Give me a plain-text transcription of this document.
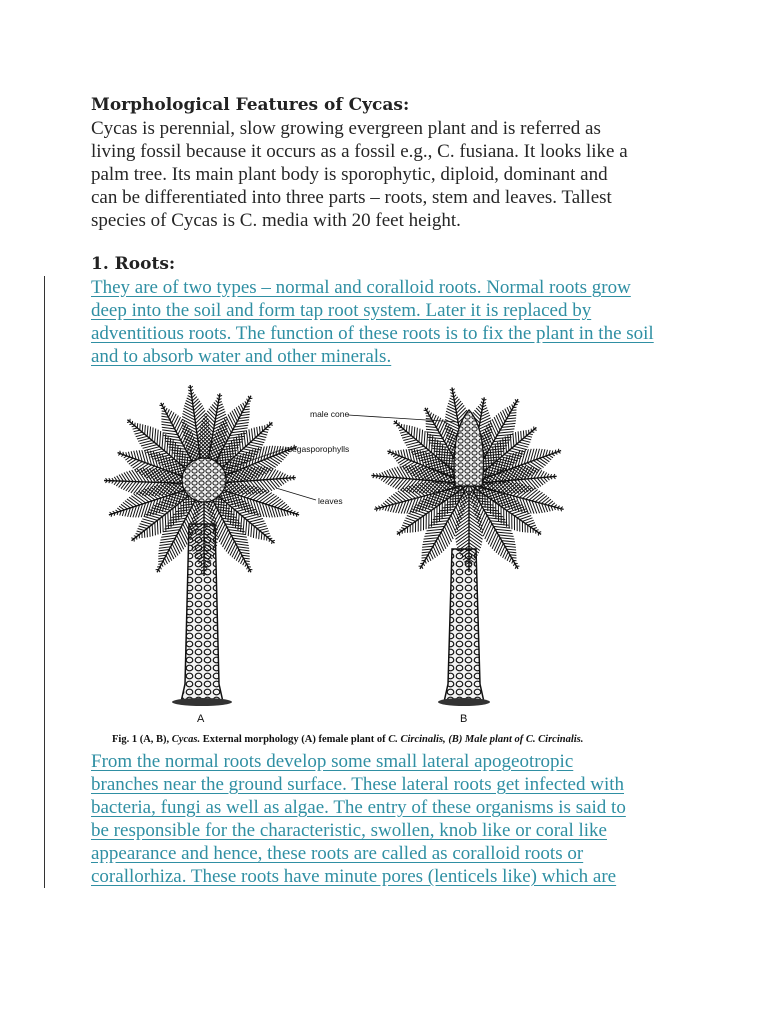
Morphological Features of Cycas:
Cycas is perennial, slow growing evergreen plant and is referred as
living fossil because it occurs as a fossil e.g., C. fusiana. It looks like a
palm tree. Its main plant body is sporophytic, diploid, dominant and
can be differentiated into three parts – roots, stem and leaves. Tallest
species of Cycas is C. media with 20 feet height.
1. Roots:
They are of two types – normal and coralloid roots. Normal roots grow
deep into the soil and form tap root system. Later it is replaced by
adventitious roots. The function of these roots is to fix the plant in the soil
and to absorb water and other minerals.
male cone
megasporophylls
leaves
A	B
Fig. 1 (A, B), Cycas. External morphology (A) female plant of C. Circinalis, (B) Male plant of C. Circinalis.
From the normal roots develop some small lateral apogeotropic
branches near the ground surface. These lateral roots get infected with
bacteria, fungi as well as algae. The entry of these organisms is said to
be responsible for the characteristic, swollen, knob like or coral like
appearance and hence, these roots are called as coralloid roots or
corallorhiza. These roots have minute pores (lenticels like) which are
